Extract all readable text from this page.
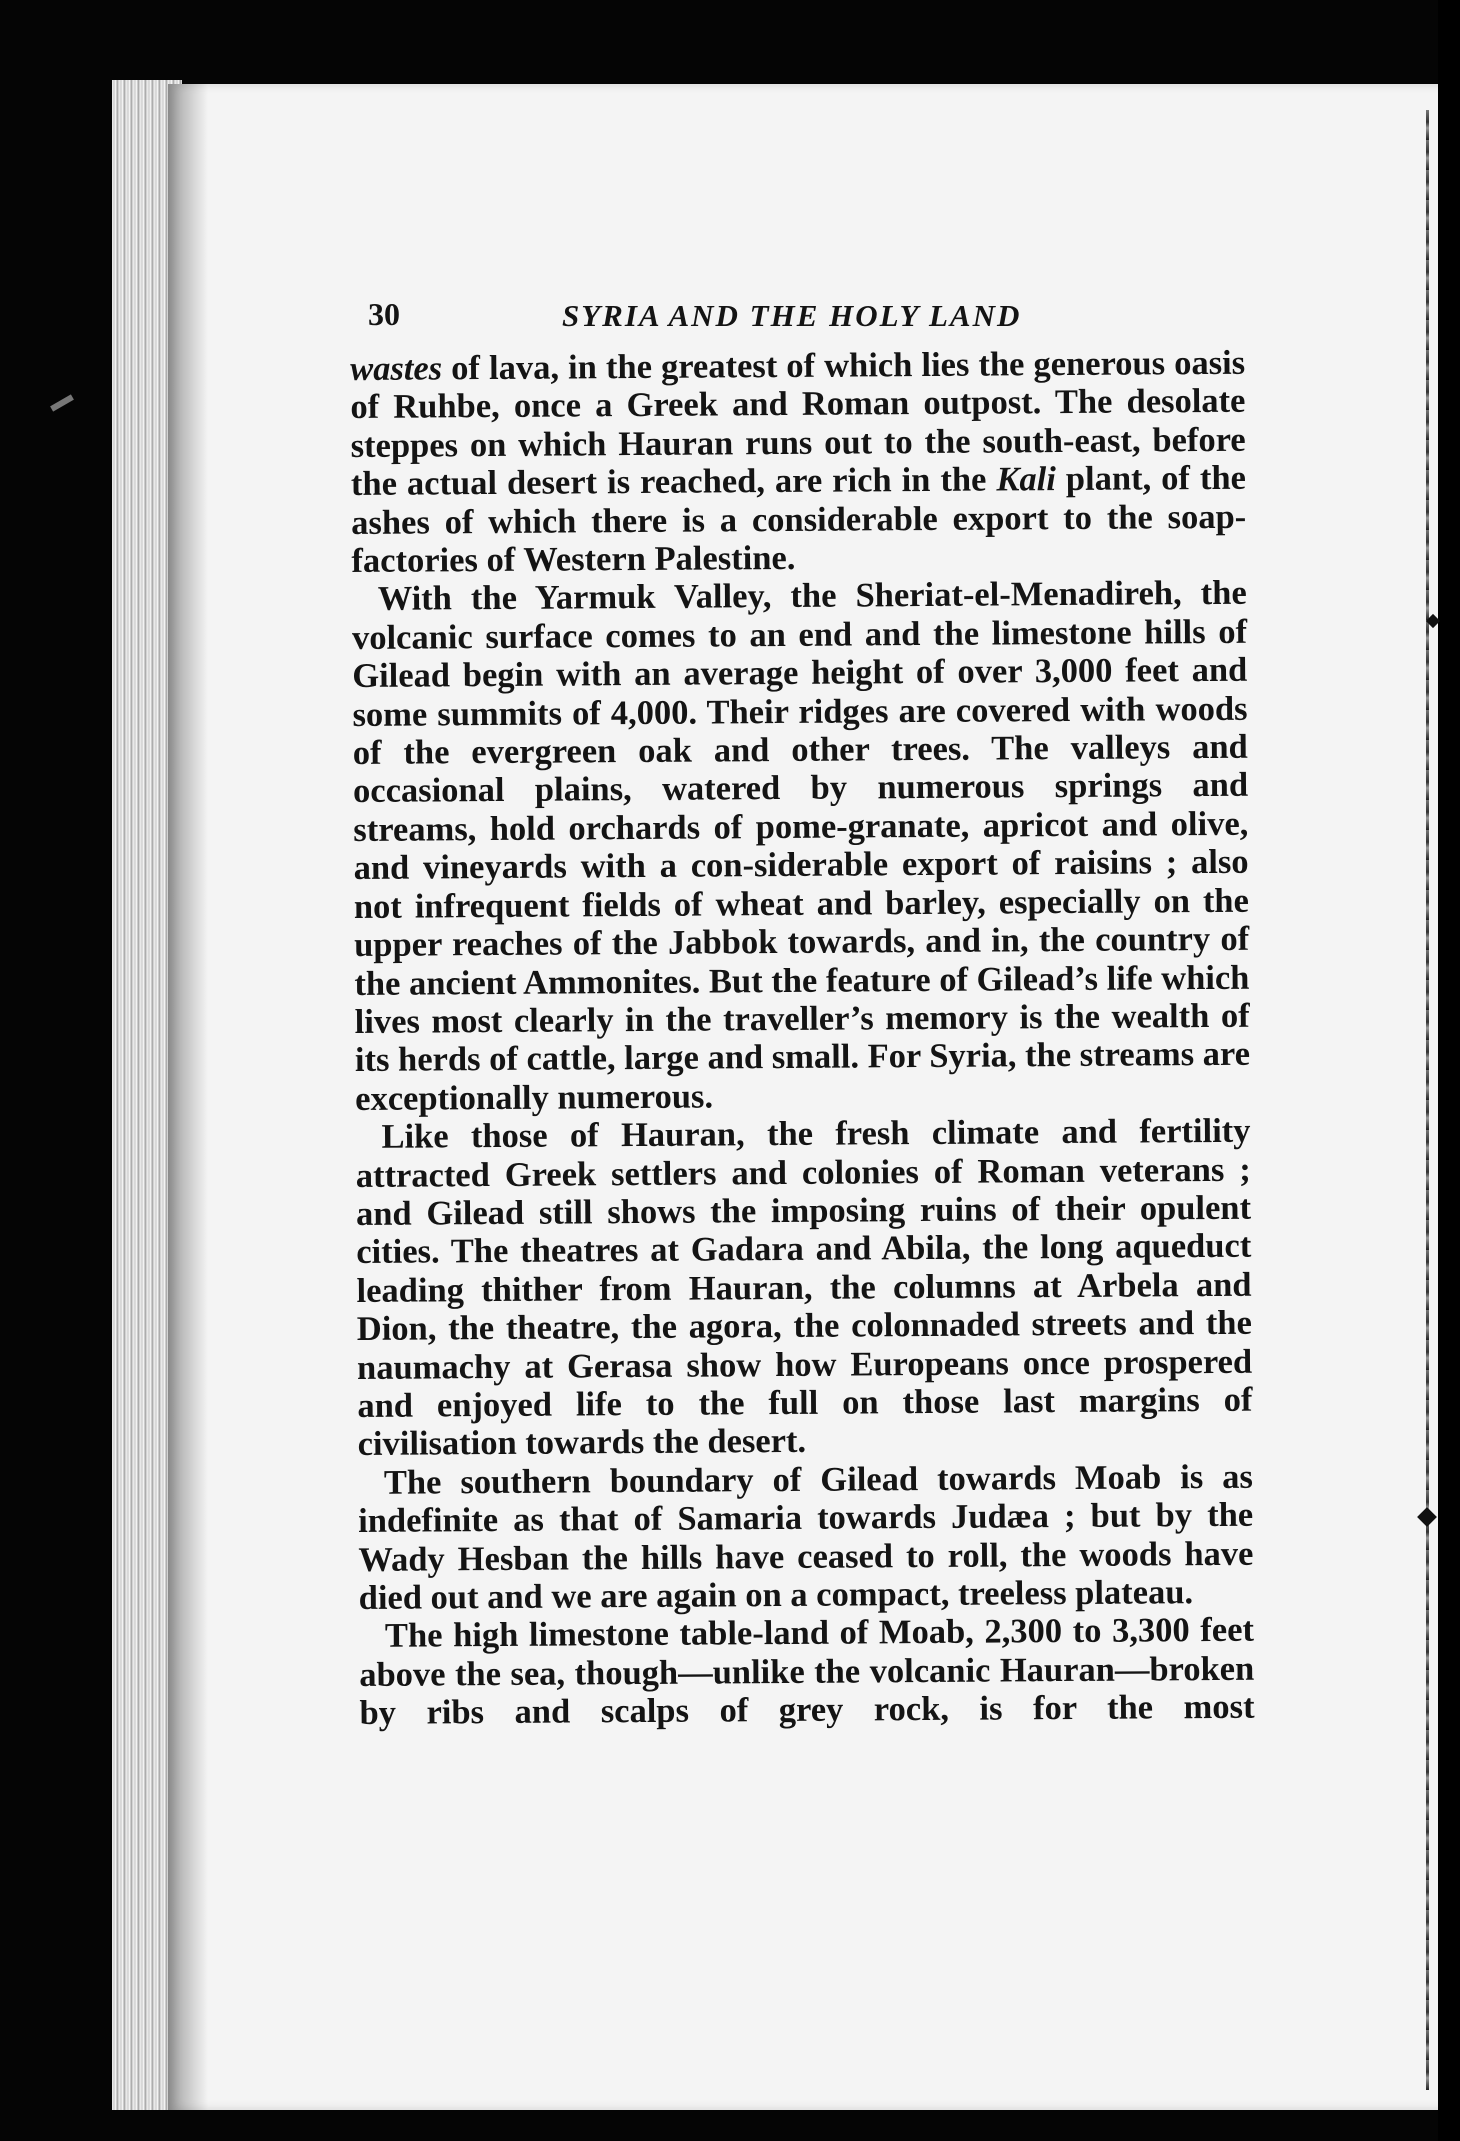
30	SYRIA AND THE HOLY LAND

wastes of lava, in the greatest of which lies the generous oasis of Ruhbe, once a Greek and Roman outpost. The desolate steppes on which Hauran runs out to the south-east, before the actual desert is reached, are rich in the Kali plant, of the ashes of which there is a considerable export to the soap-factories of Western Palestine.

With the Yarmuk Valley, the Sheriat-el-Menadireh, the volcanic surface comes to an end and the limestone hills of Gilead begin with an average height of over 3,000 feet and some summits of 4,000. Their ridges are covered with woods of the evergreen oak and other trees. The valleys and occasional plains, watered by numerous springs and streams, hold orchards of pome-granate, apricot and olive, and vineyards with a con-siderable export of raisins ; also not infrequent fields of wheat and barley, especially on the upper reaches of the Jabbok towards, and in, the country of the ancient Ammonites. But the feature of Gilead’s life which lives most clearly in the traveller’s memory is the wealth of its herds of cattle, large and small. For Syria, the streams are exceptionally numerous.

Like those of Hauran, the fresh climate and fertility attracted Greek settlers and colonies of Roman veterans ; and Gilead still shows the imposing ruins of their opulent cities. The theatres at Gadara and Abila, the long aqueduct leading thither from Hauran, the columns at Arbela and Dion, the theatre, the agora, the colonnaded streets and the naumachy at Gerasa show how Europeans once prospered and enjoyed life to the full on those last margins of civilisation towards the desert.

The southern boundary of Gilead towards Moab is as indefinite as that of Samaria towards Judæa ; but by the Wady Hesban the hills have ceased to roll, the woods have died out and we are again on a compact, treeless plateau.

The high limestone table-land of Moab, 2,300 to 3,300 feet above the sea, though—unlike the volcanic Hauran—broken by ribs and scalps of grey rock, is for the most
